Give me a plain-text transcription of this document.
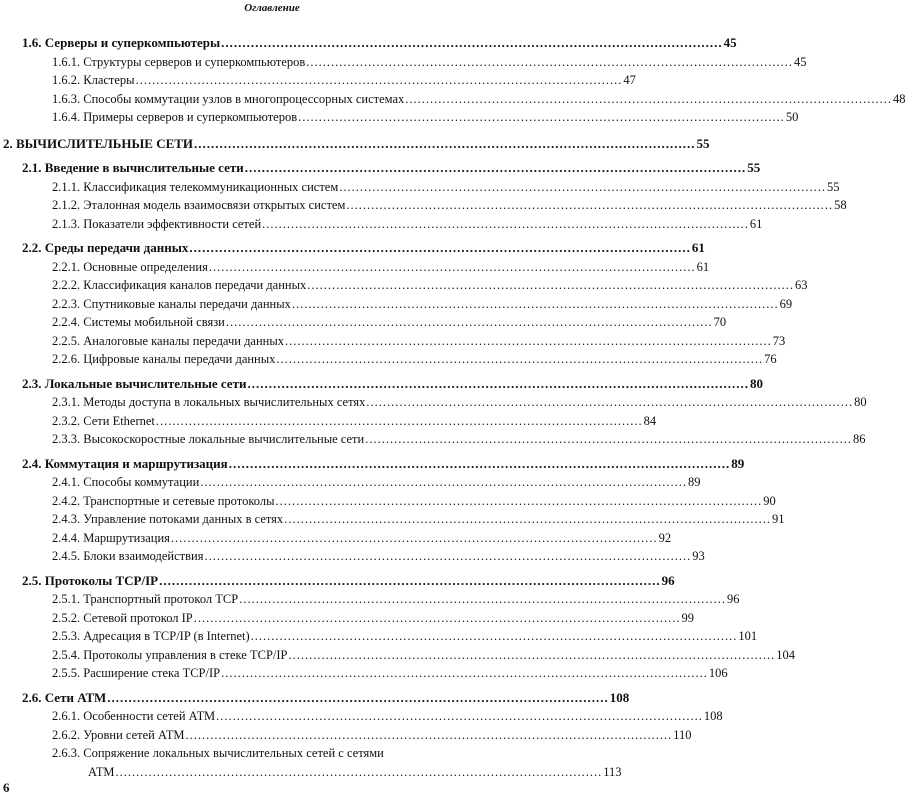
Оглавление
1.6. Серверы и суперкомпьютеры ...................................................................................................................... 45
1.6.1. Структуры серверов и суперкомпьютеров ...................................................................................................................... 45
1.6.2. Кластеры ...................................................................................................................... 47
1.6.3. Способы коммутации узлов в многопроцессорных системах ...................................................................................................................... 48
1.6.4. Примеры серверов и суперкомпьютеров ...................................................................................................................... 50
2. ВЫЧИСЛИТЕЛЬНЫЕ СЕТИ ...................................................................................................................... 55
2.1. Введение в вычислительные сети ...................................................................................................................... 55
2.1.1. Классификация телекоммуникационных систем ...................................................................................................................... 55
2.1.2. Эталонная модель взаимосвязи открытых систем ...................................................................................................................... 58
2.1.3. Показатели эффективности сетей ...................................................................................................................... 61
2.2. Среды передачи данных ...................................................................................................................... 61
2.2.1. Основные определения ...................................................................................................................... 61
2.2.2. Классификация каналов передачи данных ...................................................................................................................... 63
2.2.3. Спутниковые каналы передачи данных ...................................................................................................................... 69
2.2.4. Системы мобильной связи ...................................................................................................................... 70
2.2.5. Аналоговые каналы передачи данных ...................................................................................................................... 73
2.2.6. Цифровые каналы передачи данных ...................................................................................................................... 76
2.3. Локальные вычислительные сети ...................................................................................................................... 80
2.3.1. Методы доступа в локальных вычислительных сетях ...................................................................................................................... 80
2.3.2. Сети Ethernet ...................................................................................................................... 84
2.3.3. Высокоскоростные локальные вычислительные сети ...................................................................................................................... 86
2.4. Коммутация и маршрутизация ...................................................................................................................... 89
2.4.1. Способы коммутации ...................................................................................................................... 89
2.4.2. Транспортные и сетевые протоколы ...................................................................................................................... 90
2.4.3. Управление потоками данных в сетях ...................................................................................................................... 91
2.4.4. Маршрутизация ...................................................................................................................... 92
2.4.5. Блоки взаимодействия ...................................................................................................................... 93
2.5. Протоколы TCP/IP ...................................................................................................................... 96
2.5.1. Транспортный протокол TCP ...................................................................................................................... 96
2.5.2. Сетевой протокол IP ...................................................................................................................... 99
2.5.3. Адресация в TCP/IP (в Internet) ...................................................................................................................... 101
2.5.4. Протоколы управления в стеке TCP/IP ...................................................................................................................... 104
2.5.5. Расширение стека TCP/IP ...................................................................................................................... 106
2.6. Сети АТМ ...................................................................................................................... 108
2.6.1. Особенности сетей АТМ ...................................................................................................................... 108
2.6.2. Уровни сетей АТМ ...................................................................................................................... 110
2.6.3. Сопряжение локальных вычислительных сетей с сетями
АТМ ...................................................................................................................... 113
6
